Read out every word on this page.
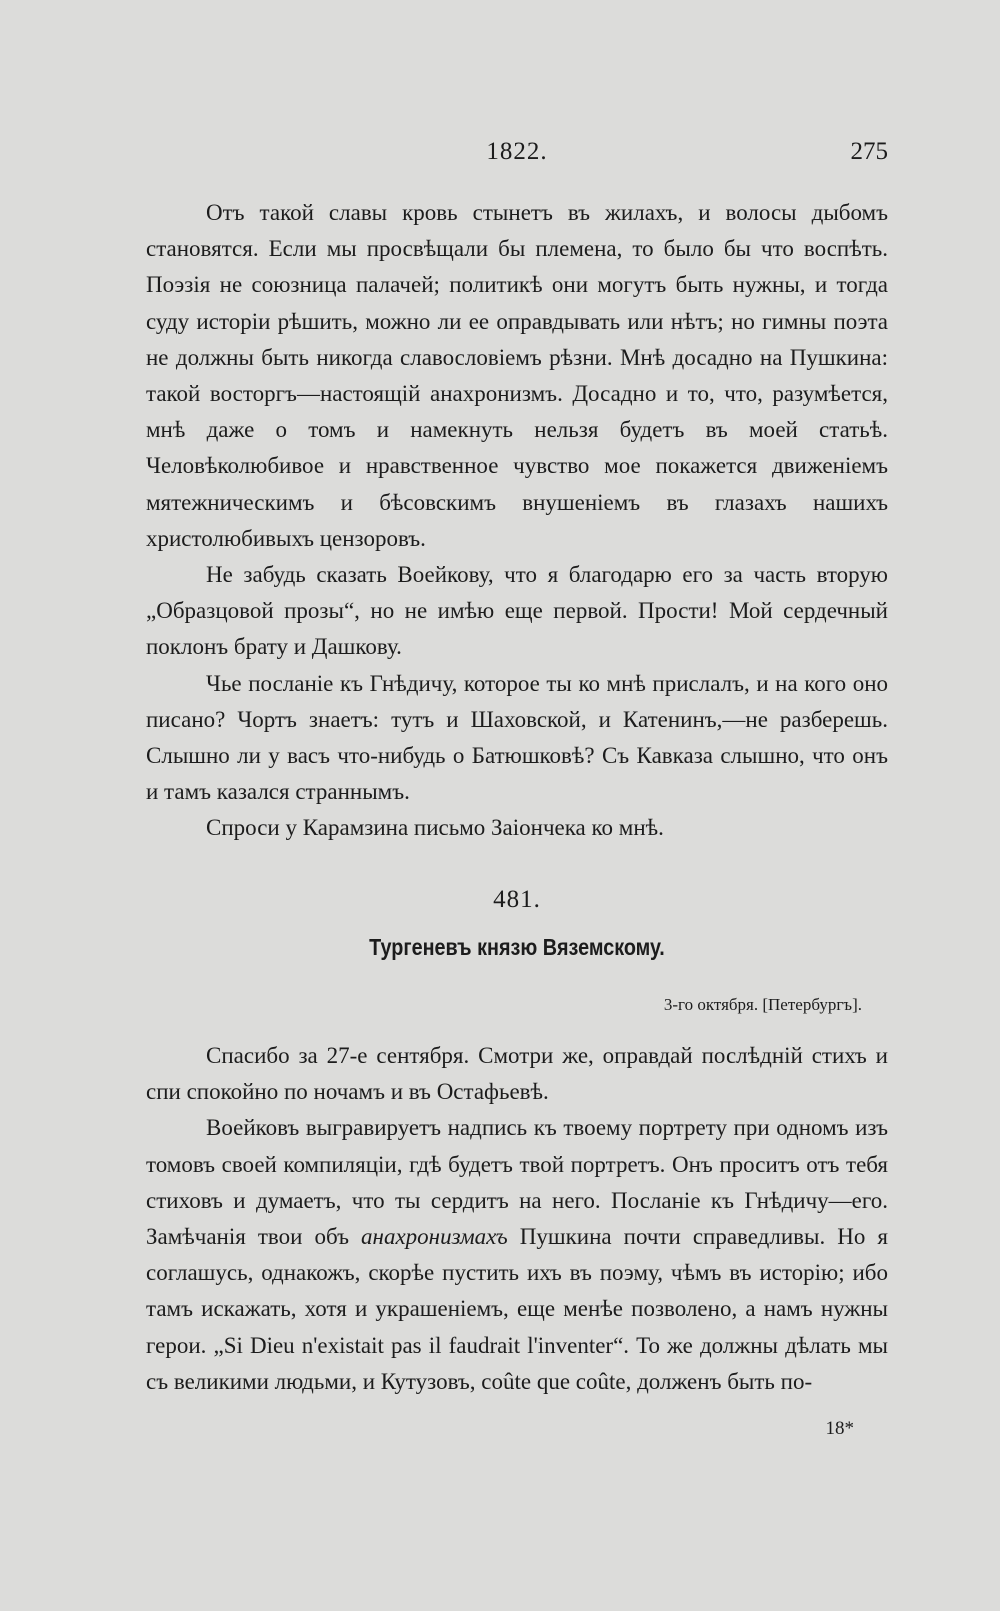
1822.	275

Отъ такой славы кровь стынетъ въ жилахъ, и волосы дыбомъ становятся. Если мы просвѣщали бы племена, то было бы что воспѣть. Поэзія не союзница палачей; политикѣ они могутъ быть нужны, и тогда суду исторіи рѣшить, можно ли ее оправдывать или нѣтъ; но гимны поэта не должны быть никогда славословіемъ рѣзни. Мнѣ досадно на Пушкина: такой восторгъ—настоящій анахронизмъ. Досадно и то, что, разумѣется, мнѣ даже о томъ и намекнуть нельзя будетъ въ моей статьѣ. Человѣколюбивое и нравственное чувство мое покажется движеніемъ мятежническимъ и бѣсовскимъ внушеніемъ въ глазахъ нашихъ христолюбивыхъ цензоровъ.

Не забудь сказать Воейкову, что я благодарю его за часть вторую „Образцовой прозы“, но не имѣю еще первой. Прости! Мой сердечный поклонъ брату и Дашкову.

Чье посланіе къ Гнѣдичу, которое ты ко мнѣ прислалъ, и на кого оно писано? Чортъ знаетъ: тутъ и Шаховской, и Катенинъ,—не разберешь. Слышно ли у васъ что-нибудь о Батюшковѣ? Съ Кавказа слышно, что онъ и тамъ казался страннымъ.

Спроси у Карамзина письмо Заіончека ко мнѣ.

481.
Тургеневъ князю Вяземскому.
3-го октября. [Петербургъ].

Спасибо за 27-е сентября. Смотри же, оправдай послѣдній стихъ и спи спокойно по ночамъ и въ Остафьевѣ.

Воейковъ выгравируетъ надпись къ твоему портрету при одномъ изъ томовъ своей компиляціи, гдѣ будетъ твой портретъ. Онъ проситъ отъ тебя стиховъ и думаетъ, что ты сердитъ на него. Посланіе къ Гнѣдичу—его. Замѣчанія твои объ анахронизмахъ Пушкина почти справедливы. Но я соглашусь, однакожъ, скорѣе пустить ихъ въ поэму, чѣмъ въ исторію; ибо тамъ искажать, хотя и украшеніемъ, еще менѣе позволено, а намъ нужны герои. „Si Dieu n'existait pas il faudrait l'inventer“. То же должны дѣлать мы съ великими людьми, и Кутузовъ, coûte que coûte, долженъ быть по-

18*
